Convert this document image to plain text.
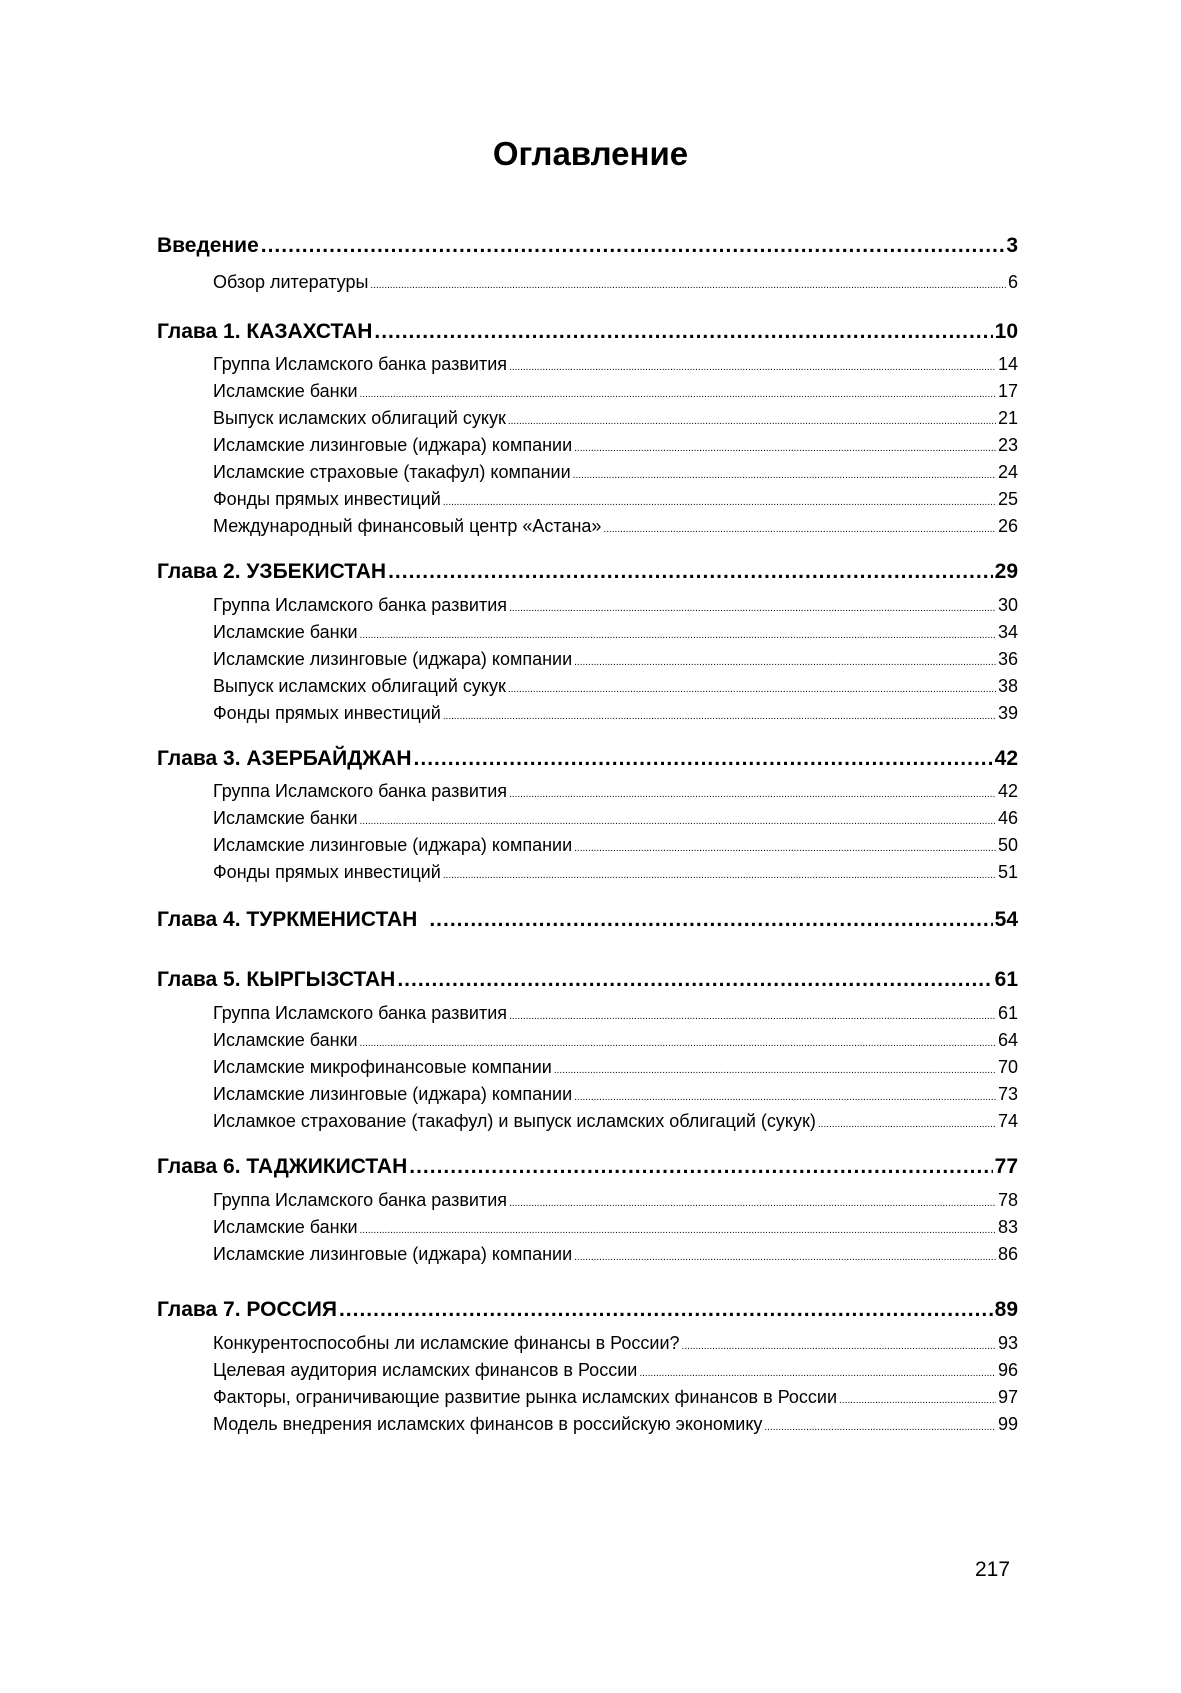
Оглавление
Введение .....	3
Обзор литературы .....	6
Глава 1. КАЗАХСТАН .....	10
Группа Исламского банка развития .....	14
Исламские банки .....	17
Выпуск исламских облигаций сукук .....	21
Исламские лизинговые (иджара) компании .....	23
Исламские страховые (такафул) компании .....	24
Фонды прямых инвестиций .....	25
Международный финансовый центр «Астана» .....	26
Глава 2. УЗБЕКИСТАН .....	29
Группа Исламского банка развития .....	30
Исламские банки .....	34
Исламские лизинговые (иджара) компании .....	36
Выпуск исламских облигаций сукук .....	38
Фонды прямых инвестиций .....	39
Глава 3. АЗЕРБАЙДЖАН .....	42
Группа Исламского банка развития .....	42
Исламские банки .....	46
Исламские лизинговые (иджара) компании .....	50
Фонды прямых инвестиций .....	51
Глава 4. ТУРКМЕНИСТАН .....	54
Глава 5. КЫРГЫЗСТАН .....	61
Группа Исламского банка развития .....	61
Исламские банки .....	64
Исламские микрофинансовые компании .....	70
Исламские лизинговые (иджара) компании .....	73
Исламкое страхование (такафул) и выпуск исламских облигаций (сукук) .....	74
Глава 6. ТАДЖИКИСТАН .....	77
Группа Исламского банка развития .....	78
Исламские банки .....	83
Исламские лизинговые (иджара) компании .....	86
Глава 7. РОССИЯ .....	89
Конкурентоспособны ли исламские финансы в России? .....	93
Целевая аудитория исламских финансов в России .....	96
Факторы, ограничивающие развитие рынка исламских финансов в России .....	97
Модель внедрения исламских финансов в российскую экономику .....	99
217
